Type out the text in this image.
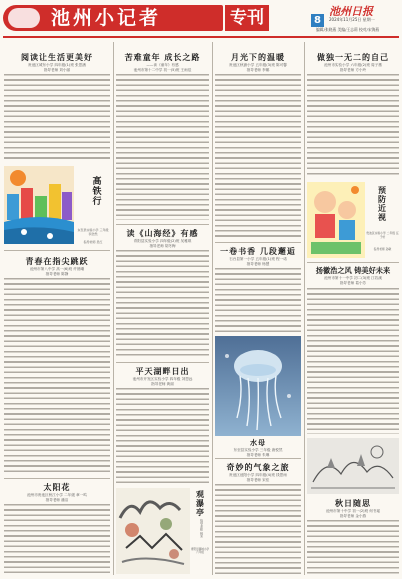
池州小记者	专刊	8
池州日报
2024年11月25日 星期一
编辑/张晓燕 美编/王志莉 校对/宋海燕
阅读让生活更美好
贵池区城东小学 四年级(1)班 张思涵
指导老师 刘小丽
高铁行
东至县实验小学 三年级 李浩然
指导老师 吴红
青春在指尖跳跃
池州市第八中学 高一(6)班 许晨曦
指导老师 陈静
太阳花
池州市贵池区秋江小学 二年级 章一鸣
指导老师 潘洁
苦难童年 成长之路
——读《童年》有感
池州市第十二中学 初一(5)班 王雨辰
读《山海经》有感
青阳县实验小学 四年级(2)班 吴雅琪
指导老师 胡冬梅
平天湖畔日出
池州市开发区实验小学 四年级 刘思远
指导老师 黄丽
观瀑亭
指导老师 姚芳
青阳县蓉城小学 六年级
月光下的温暖
贵池区秋浦小学 五年级(3)班 陈可馨
指导老师 李娜
一卷书香 几段邂逅
石台县第一小学 五年级(1)班 程一诺
指导老师 杨慧
水母
东至县实验小学 三年级 唐悦然
指导老师 朱琳
奇妙的气象之旅
贵池区池阳小学 四年级(4)班 钱思雨
指导老师 宋佳
做独一无二的自己
池州市实验小学 六年级(2)班 周子墨
指导老师 方小玲
预防近视
贵池区实验小学 二年级 汪子轩
指导老师 孙敏
扬徽浩之风 铸美好未来
池州市第十一中学 初二(3)班 江若溪
指导老师 葛小芳
秋日随思
池州市第十中学 初一(2)班 何书瑶
指导老师 金小燕
